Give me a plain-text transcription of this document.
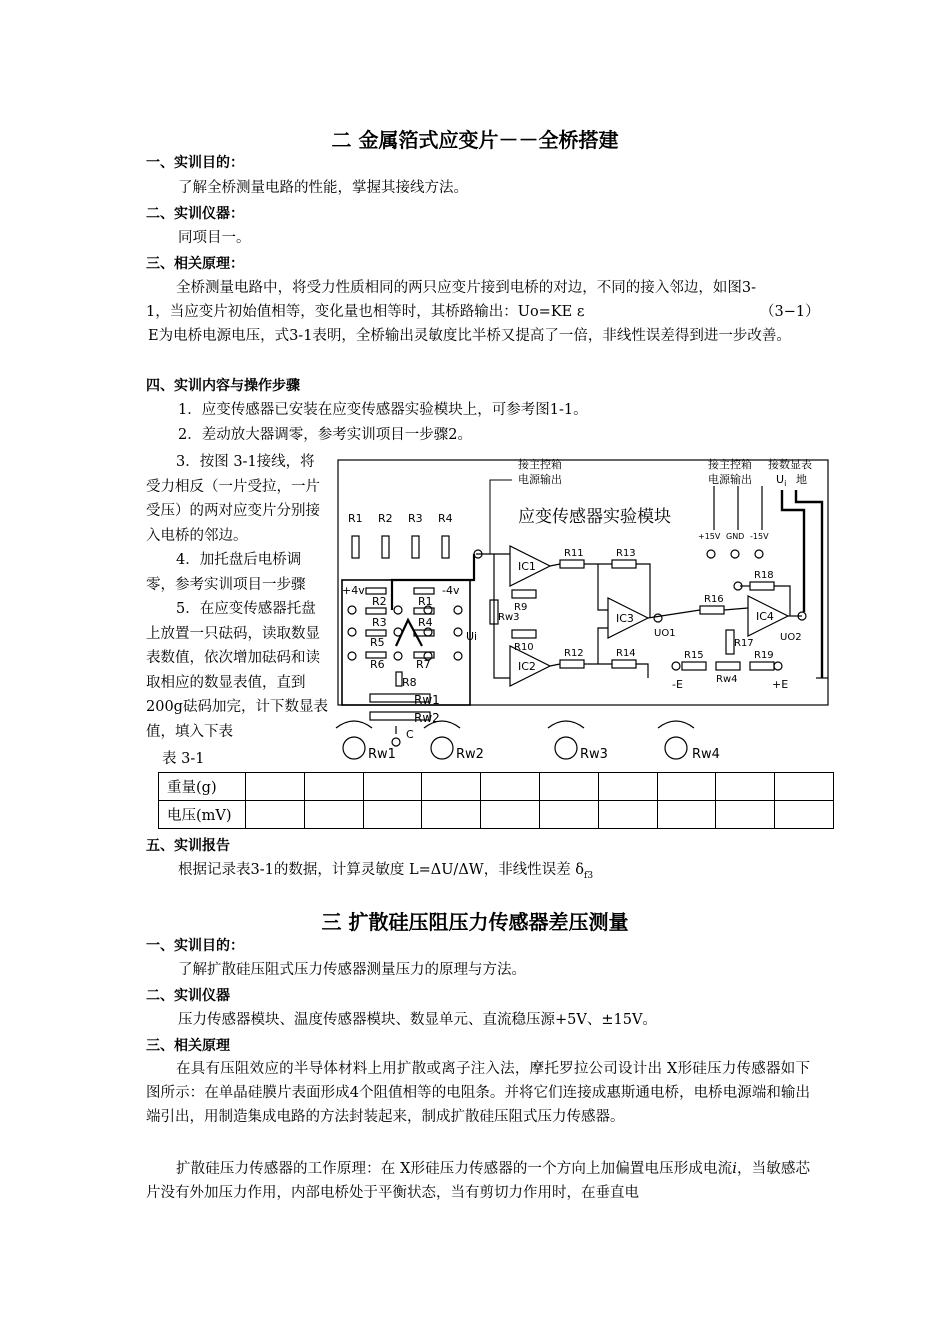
二 金属箔式应变片－－全桥搭建
一、实训目的：
了解全桥测量电路的性能，掌握其接线方法。
二、实训仪器：
同项目一。
三、相关原理：
全桥测量电路中，将受力性质相同的两只应变片接到电桥的对边，不同的接入邻边，如图3-1，当应变片初始值相等，变化量也相等时，其桥路输出：Uo=KE ε	（3−1）
E为电桥电源电压，式3-1表明，全桥输出灵敏度比半桥又提高了一倍，非线性误差得到进一步改善。
四、实训内容与操作步骤
1．应变传感器已安装在应变传感器实验模块上，可参考图1-1。
2．差动放大器调零，参考实训项目一步骤2。
3．按图 3-1接线，将受力相反（一片受拉，一片受压）的两对应变片分别接入电桥的邻边。
4．加托盘后电桥调零，参考实训项目一步骤
5．在应变传感器托盘上放置一只砝码，读取数显表数值，依次增加砝码和读取相应的数显表值，直到200g砝码加完，计下数显表值，填入下表
表 3-1
重量(g)										
电压(mV)										
五、实训报告
根据记录表3-1的数据，计算灵敏度 L=ΔU/ΔW，非线性误差 $\delta_{f3}$
三 扩散硅压阻压力传感器差压测量
一、实训目的：
了解扩散硅压阻式压力传感器测量压力的原理与方法。
二、实训仪器
压力传感器模块、温度传感器模块、数显单元、直流稳压源+5V、±15V。
三、相关原理
在具有压阻效应的半导体材料上用扩散或离子注入法，摩托罗拉公司设计出 X形硅压力传感器如下图所示：在单晶硅膜片表面形成4个阻值相等的电阻条。并将它们连接成惠斯通电桥，电桥电源端和输出端引出，用制造集成电路的方法封装起来，制成扩散硅压阻式压力传感器。
扩散硅压力传感器的工作原理：在 X形硅压力传感器的一个方向上加偏置电压形成电流i，当敏感芯片没有外加压力作用，内部电桥处于平衡状态，当有剪切力作用时，在垂直电
应变传感器实验模块
接主控箱
电源输出
接主控箱
电源输出
接数显表
$U_i$ 地
+15V GND -15V
R1 R2 R3 R4
+4v	-4v
R2	R1
R3	R4
R5
R6	R7
R8
Rw1
Rw2
C
Ui
IC1
IC2
IC3	IC4
R9
R10
R11
R12
R13
R14	R15
R16
R17
R18
R19
Rw3
Rw4
UO1	UO2
-E	+E
Rw1	Rw2	Rw3	Rw4
